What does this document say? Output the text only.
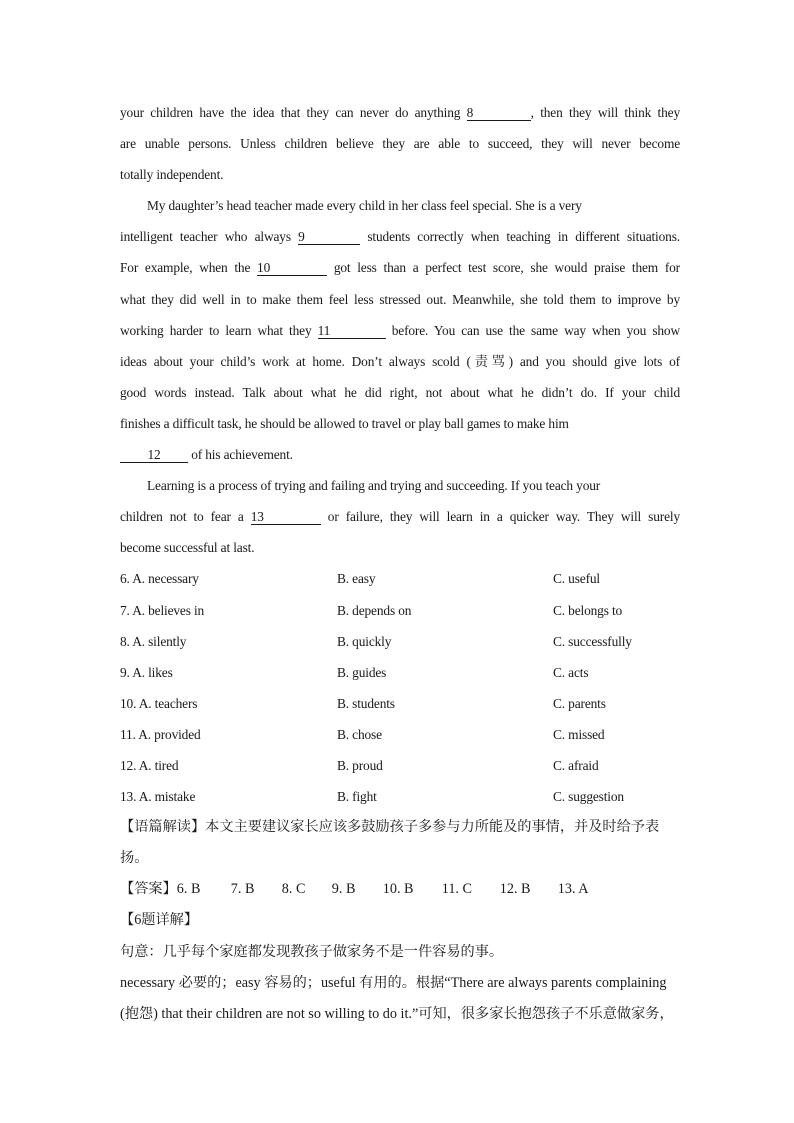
your children have the idea that they can never do anything 8	, then they will think they
are unable persons. Unless children believe they are able to succeed, they will never become
totally independent.
My daughter’s head teacher made every child in her class feel special. She is a very
intelligent teacher who always 9	students correctly when teaching in different situations.
For example, when the 10	got less than a perfect test score, she would praise them for
what they did well in to make them feel less stressed out. Meanwhile, she told them to improve by
working harder to learn what they 11	before. You can use the same way when you show
ideas about your child’s work at home. Don’t always scold (责骂) and you should give lots of
good words instead. Talk about what he did right, not about what he didn’t do. If your child
finishes a difficult task, he should be allowed to travel or play ball games to make him
12 of his achievement.
Learning is a process of trying and failing and trying and succeeding. If you teach your
children not to fear a 13	or failure, they will learn in a quicker way. They will surely
become successful at last.
6. A. necessary	B. easy	C. useful
7. A. believes in	B. depends on	C. belongs to
8. A. silently	B. quickly	C. successfully
9. A. likes	B. guides	C. acts
10. A. teachers	B. students	C. parents
11. A. provided	B. chose	C. missed
12. A. tired	B. proud	C. afraid
13. A. mistake	B. fight	C. suggestion
【语篇解读】本文主要建议家长应该多鼓励孩子多参与力所能及的事情，并及时给予表
扬。
【答案】6. B 7. B 8. C 9. B 10. B 11. C 12. B 13. A
【6题详解】
句意：几乎每个家庭都发现教孩子做家务不是一件容易的事。
necessary 必要的；easy 容易的；useful 有用的。根据“There are always parents complaining
(抱怨) that their children are not so willing to do it.”可知，很多家长抱怨孩子不乐意做家务，
